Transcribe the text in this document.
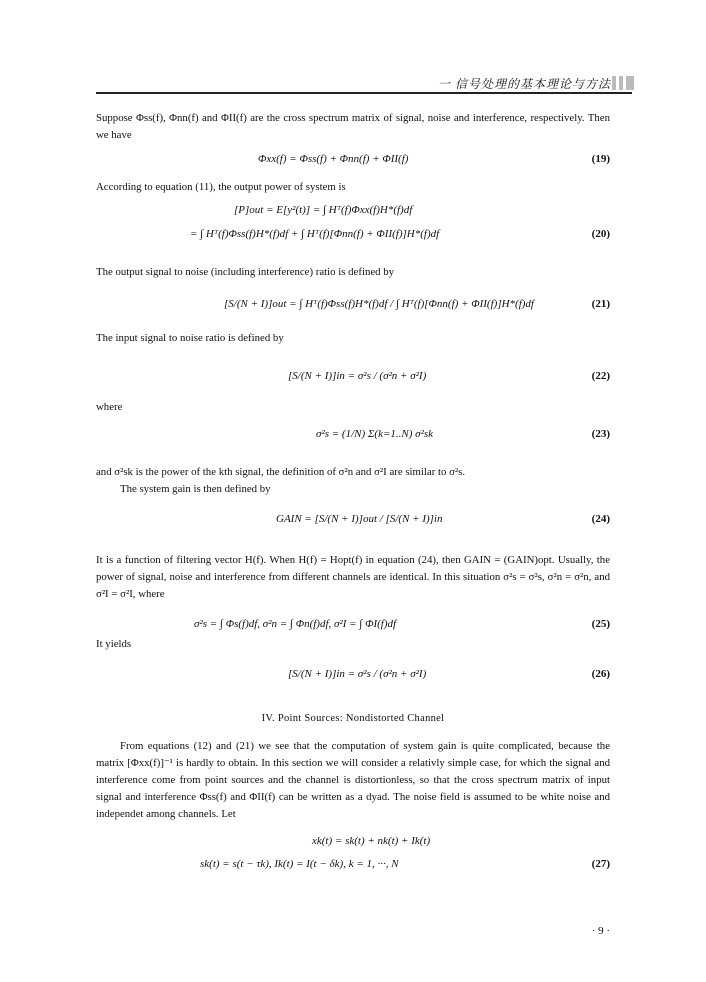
一 信号处理的基本理论与方法
Suppose Φss(f), Φnn(f) and ΦII(f) are the cross spectrum matrix of signal, noise and interference, respectively. Then we have
Φxx(f) = Φss(f) + Φnn(f) + ΦII(f)	(19)
According to equation (11), the output power of system is
[P]out = E[y²(t)] = ∫ Hᵀ(f)Φxx(f)H*(f)df
= ∫ Hᵀ(f)Φss(f)H*(f)df + ∫ Hᵀ(f)[Φnn(f) + ΦII(f)]H*(f)df	(20)
The output signal to noise (including interference) ratio is defined by
[S/(N + I)]out = ∫ Hᵀ(f)Φss(f)H*(f)df / ∫ Hᵀ(f)[Φnn(f) + ΦII(f)]H*(f)df	(21)
The input signal to noise ratio is defined by
[S/(N + I)]in = σ²s / (σ²n + σ²I)	(22)
where
σ²s = (1/N) Σ(k=1..N) σ²sk	(23)
and σ²sk is the power of the kth signal, the definition of σ²n and σ²I are similar to σ²s.
The system gain is then defined by
GAIN = [S/(N + I)]out / [S/(N + I)]in	(24)
It is a function of filtering vector H(f). When H(f) = Hopt(f) in equation (24), then GAIN = (GAIN)opt. Usually, the power of signal, noise and interference from different channels are identical. In this situation σ²s = σ²s, σ²n = σ²n, and σ²I = σ²I, where
σ²s = ∫ Φs(f)df, σ²n = ∫ Φn(f)df, σ²I = ∫ ΦI(f)df	(25)
It yields
[S/(N + I)]in = σ²s / (σ²n + σ²I)	(26)
IV. Point Sources: Nondistorted Channel
From equations (12) and (21) we see that the computation of system gain is quite complicated, because the matrix [Φxx(f)]⁻¹ is hardly to obtain. In this section we will consider a relativly simple case, for which the signal and interference come from point sources and the channel is distortionless, so that the cross spectrum matrix of input signal and interference Φss(f) and ΦII(f) can be written as a dyad. The noise field is assumed to be white noise and independet among channels. Let
xk(t) = sk(t) + nk(t) + Ik(t)
sk(t) = s(t − τk), Ik(t) = I(t − δk), k = 1, ···, N	(27)
· 9 ·
